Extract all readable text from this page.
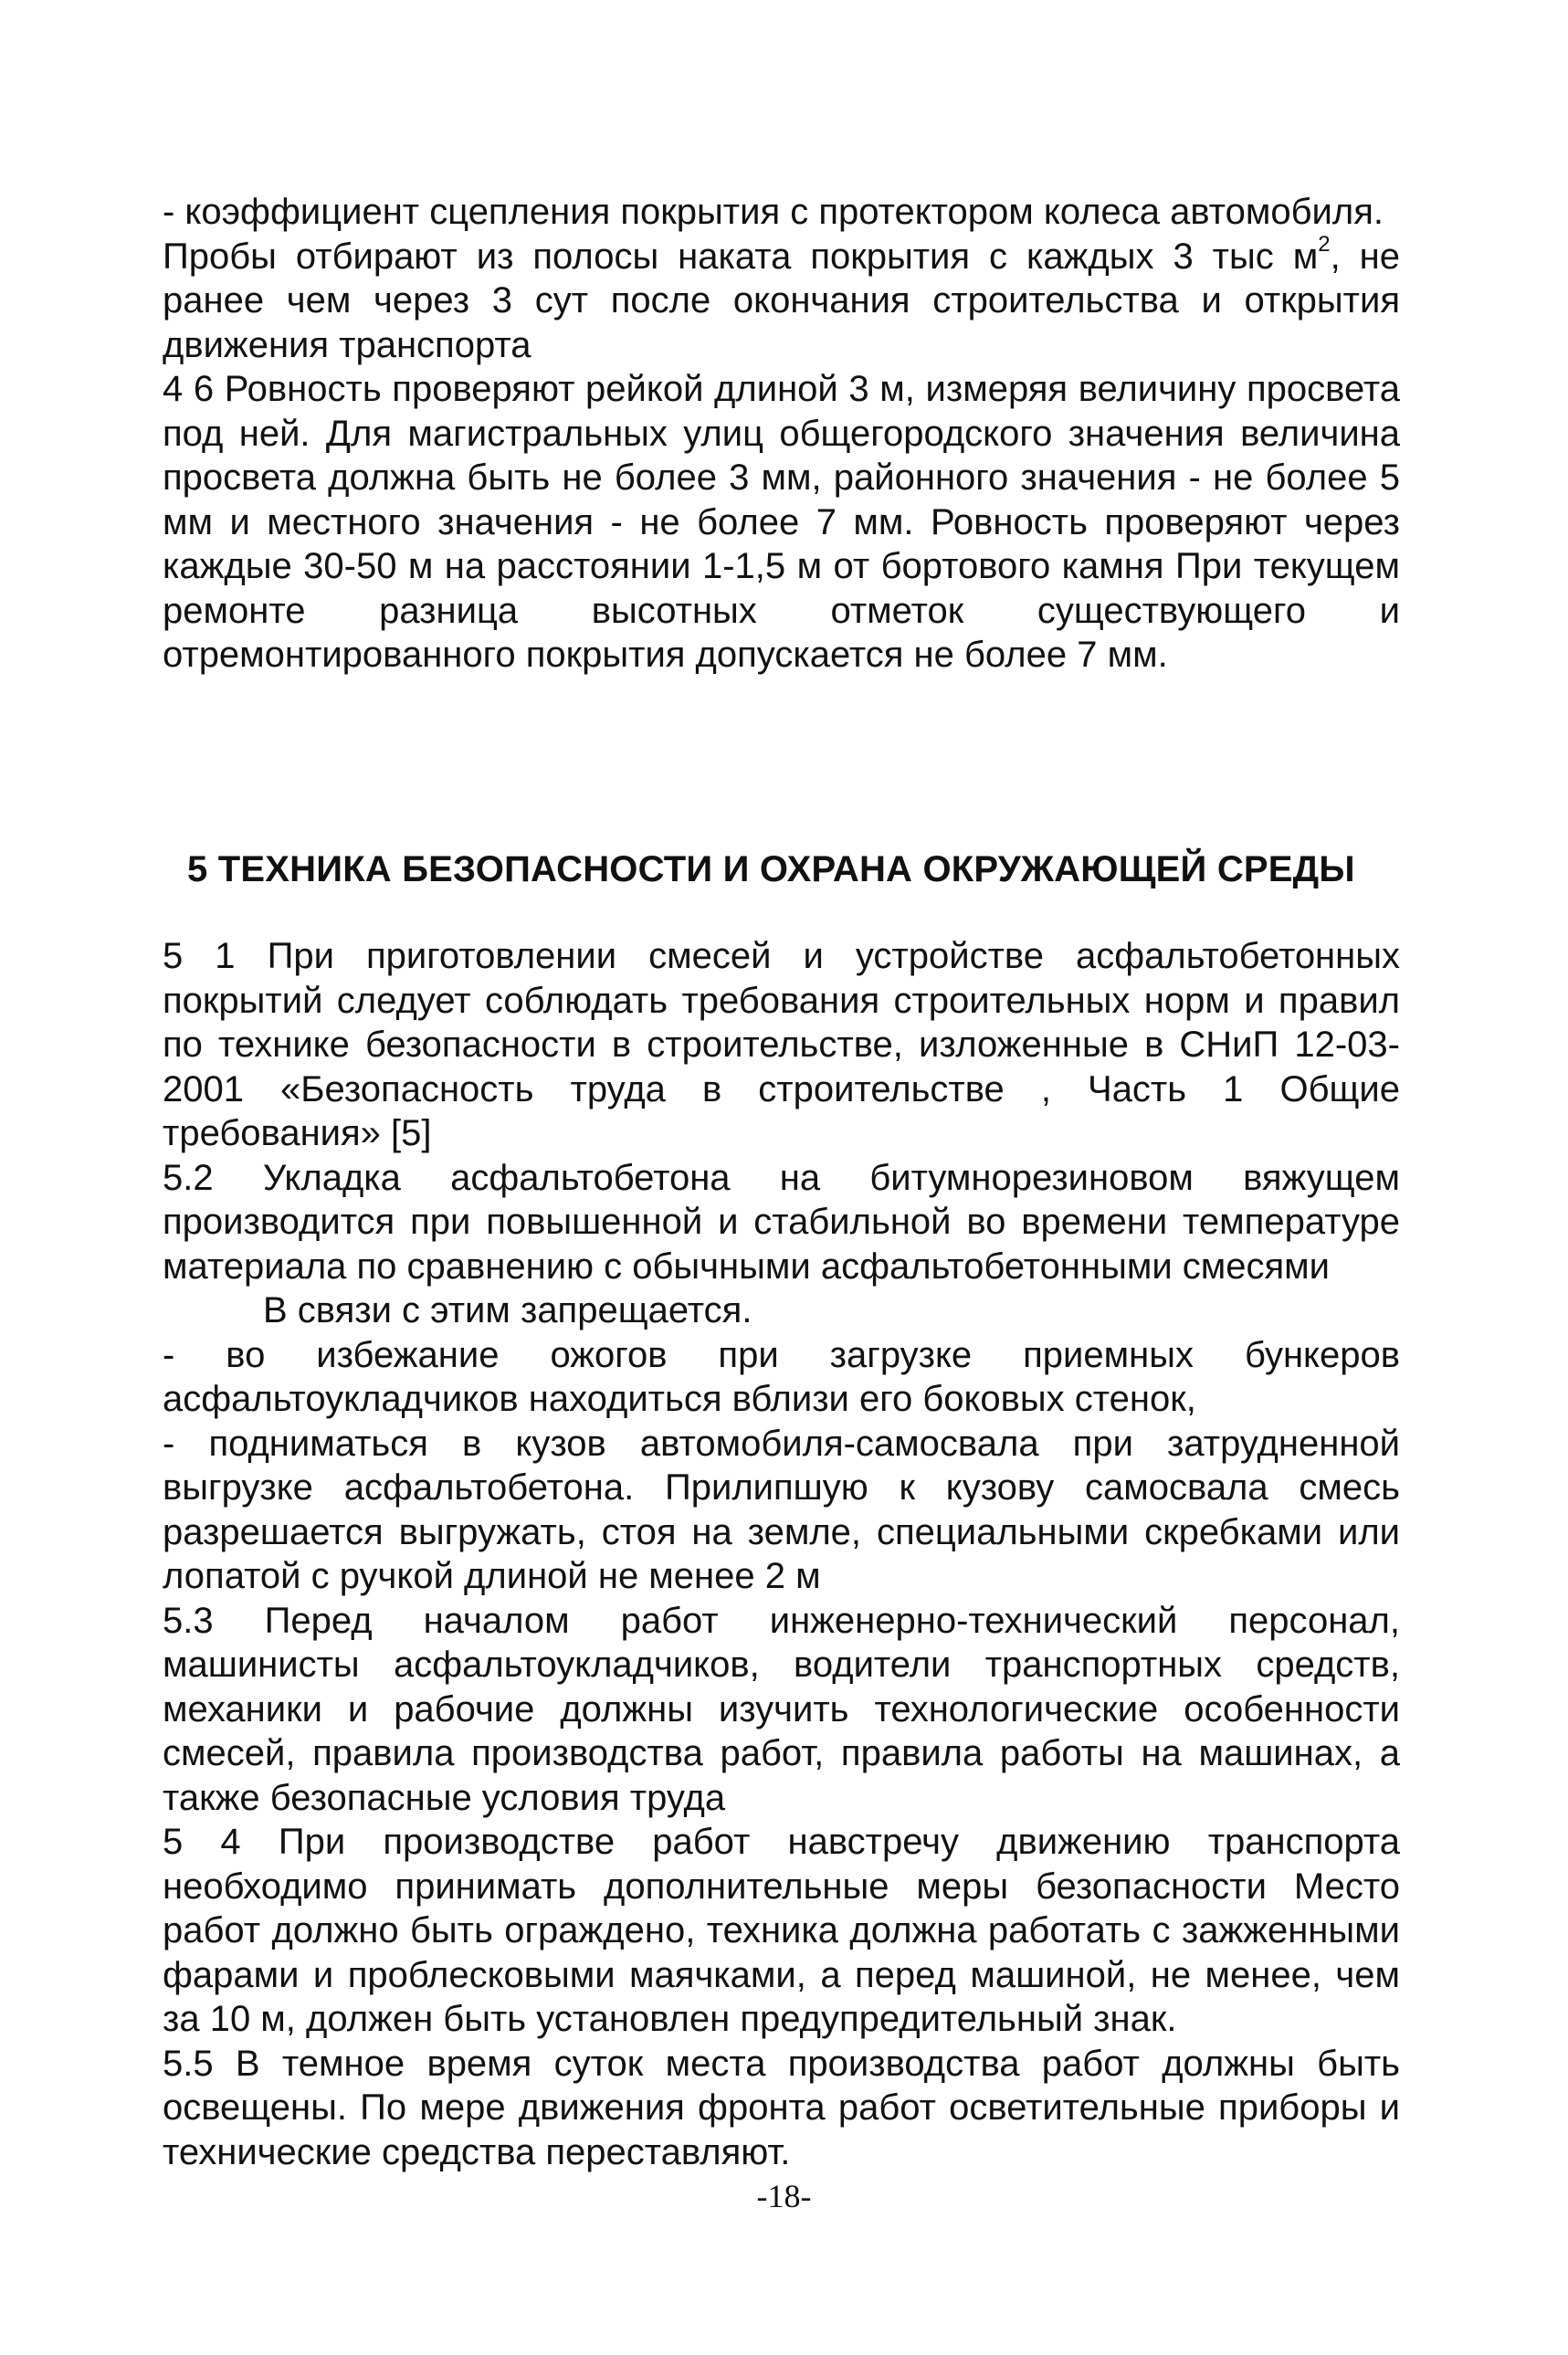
- коэффициент сцепления покрытия с протектором колеса автомобиля.

Пробы отбирают из полосы наката покрытия с каждых 3 тыс $м^2$, не ранее чем через 3 сут после окончания строительства и открытия движения транспорта

4 6 Ровность проверяют рейкой длиной 3 м, измеряя величину просвета под ней. Для магистральных улиц общегородского значения величина просвета должна быть не более 3 мм, районного значения - не более 5 мм и местного значения - не более 7 мм. Ровность проверяют через каждые 30-50 м на расстоянии 1-1,5 м от бортового камня При текущем ремонте разница высотных отметок существующего и отремонтированного покрытия допускается не более 7 мм.

5 ТЕХНИКА БЕЗОПАСНОСТИ И ОХРАНА ОКРУЖАЮЩЕЙ СРЕДЫ

5 1 При приготовлении смесей и устройстве асфальтобетонных покрытий следует соблюдать требования строительных норм и правил по технике безопасности в строительстве, изложенные в СНиП 12-03-2001 «Безопасность труда в строительстве , Часть 1 Общие требования» [5]

5.2 Укладка асфальтобетона на битумнорезиновом вяжущем производится при повышенной и стабильной во времени температуре материала по сравнению с обычными асфальтобетонными смесями

В связи с этим запрещается.

- во избежание ожогов при загрузке приемных бункеров асфальтоукладчиков находиться вблизи его боковых стенок,

- подниматься в кузов автомобиля-самосвала при затрудненной выгрузке асфальтобетона. Прилипшую к кузову самосвала смесь разрешается выгружать, стоя на земле, специальными скребками или лопатой с ручкой длиной не менее 2 м

5.3 Перед началом работ инженерно-технический персонал, машинисты асфальтоукладчиков, водители транспортных средств, механики и рабочие должны изучить технологические особенности смесей, правила производства работ, правила работы на машинах, а также безопасные условия труда

5 4 При производстве работ навстречу движению транспорта необходимо принимать дополнительные меры безопасности Место работ должно быть ограждено, техника должна работать с зажженными фарами и проблесковыми маячками, а перед машиной, не менее, чем за 10 м, должен быть установлен предупредительный знак.

5.5 В темное время суток места производства работ должны быть освещены. По мере движения фронта работ осветительные приборы и технические средства переставляют.

-18-
